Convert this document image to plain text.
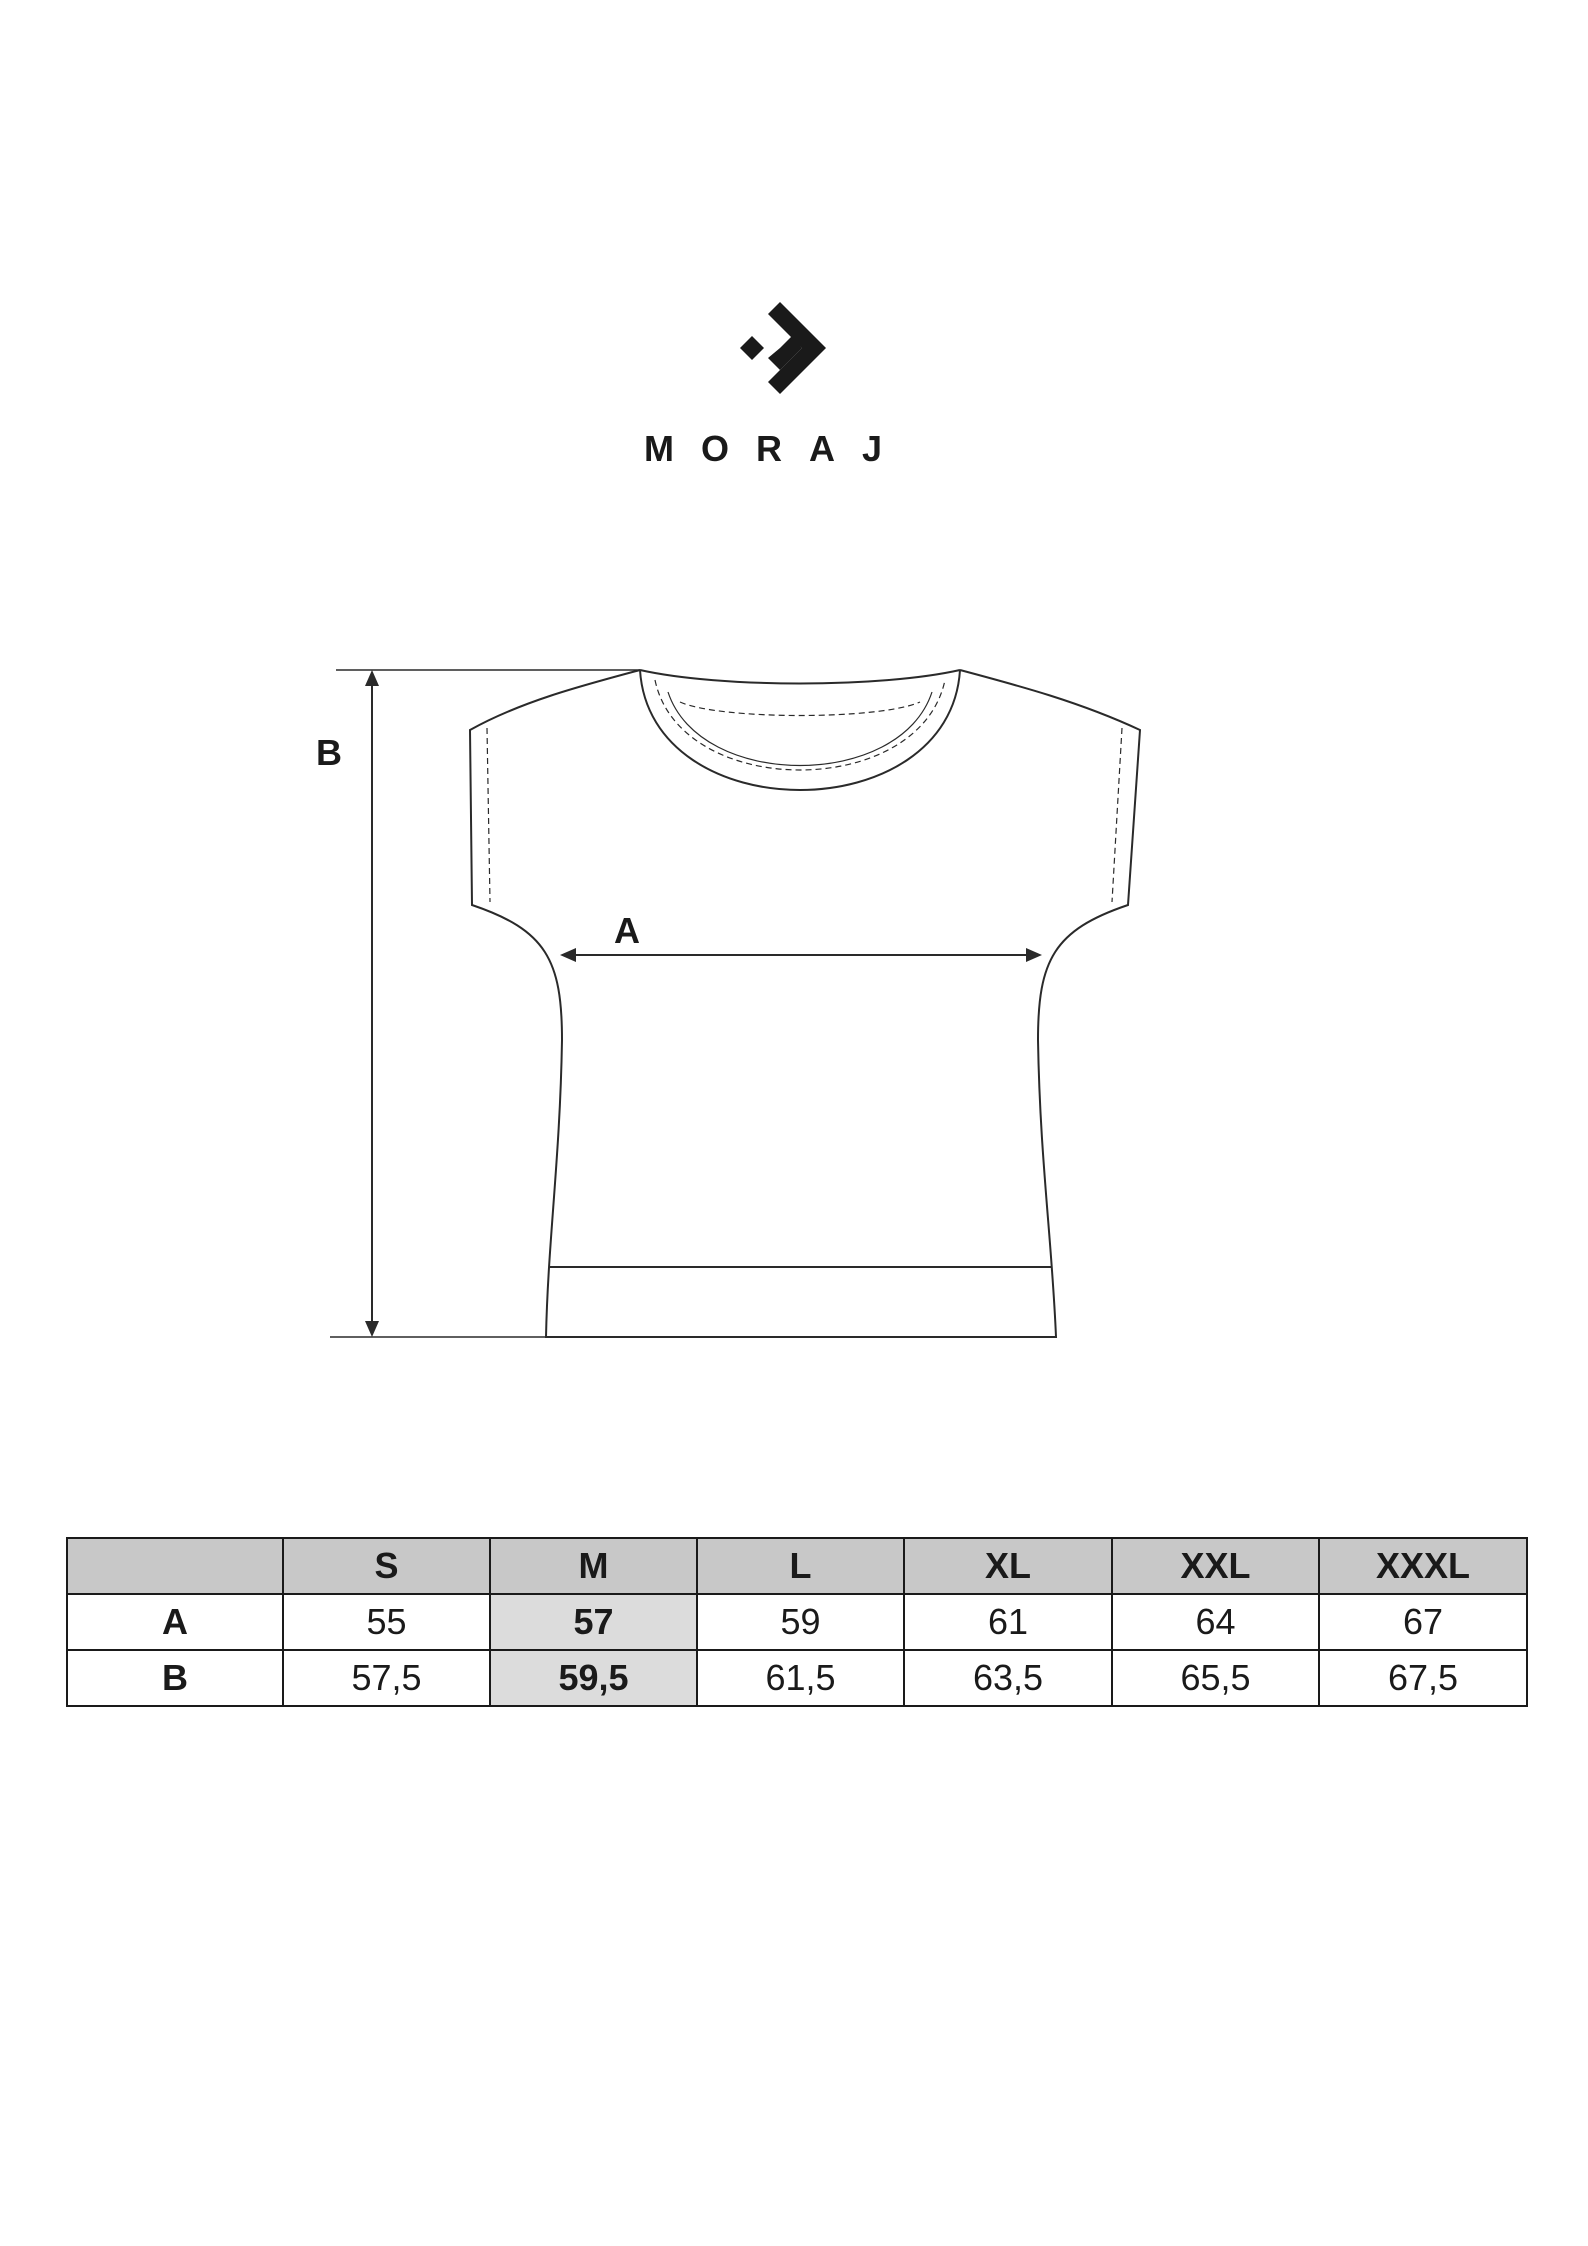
MORAJ
B
A
	S	M	L	XL	XXL	XXXL
A	55	57	59	61	64	67
B	57,5	59,5	61,5	63,5	65,5	67,5
